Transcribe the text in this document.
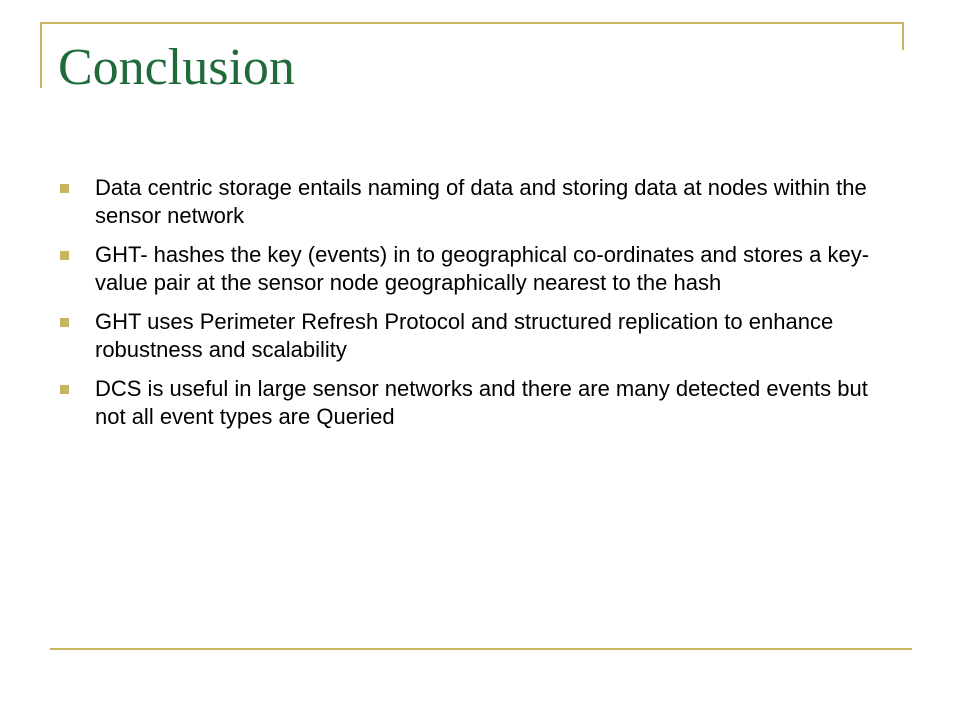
Conclusion
Data centric storage entails naming of data and storing data at nodes within the sensor network
GHT- hashes the key (events) in to geographical co-ordinates and stores a key-value pair at the sensor node geographically nearest to the hash
GHT uses Perimeter Refresh Protocol and structured replication to enhance robustness and scalability
DCS is useful in large sensor networks and there are many detected events but not all event types are Queried
